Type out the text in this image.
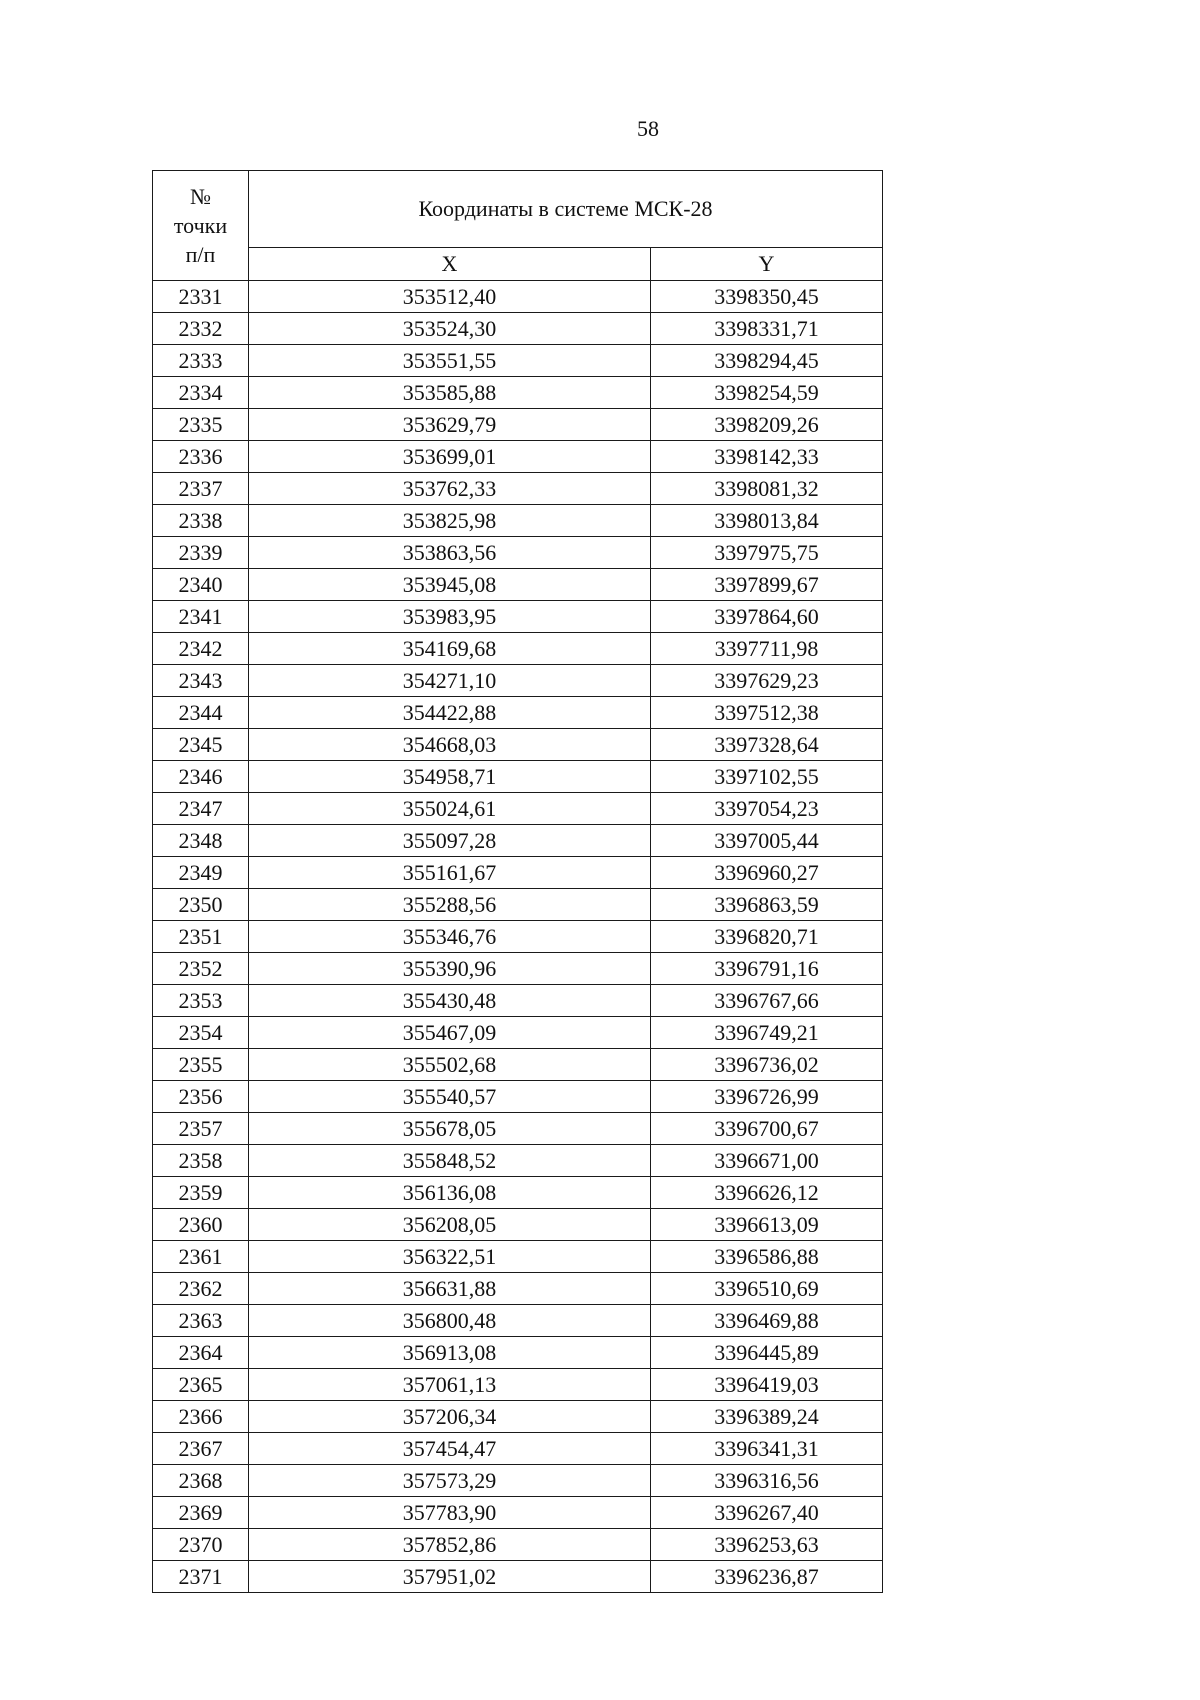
58
№
точки
п/п	Координаты в системе МСК-28	
	X	Y
2331	353512,40	3398350,45
2332	353524,30	3398331,71
2333	353551,55	3398294,45
2334	353585,88	3398254,59
2335	353629,79	3398209,26
2336	353699,01	3398142,33
2337	353762,33	3398081,32
2338	353825,98	3398013,84
2339	353863,56	3397975,75
2340	353945,08	3397899,67
2341	353983,95	3397864,60
2342	354169,68	3397711,98
2343	354271,10	3397629,23
2344	354422,88	3397512,38
2345	354668,03	3397328,64
2346	354958,71	3397102,55
2347	355024,61	3397054,23
2348	355097,28	3397005,44
2349	355161,67	3396960,27
2350	355288,56	3396863,59
2351	355346,76	3396820,71
2352	355390,96	3396791,16
2353	355430,48	3396767,66
2354	355467,09	3396749,21
2355	355502,68	3396736,02
2356	355540,57	3396726,99
2357	355678,05	3396700,67
2358	355848,52	3396671,00
2359	356136,08	3396626,12
2360	356208,05	3396613,09
2361	356322,51	3396586,88
2362	356631,88	3396510,69
2363	356800,48	3396469,88
2364	356913,08	3396445,89
2365	357061,13	3396419,03
2366	357206,34	3396389,24
2367	357454,47	3396341,31
2368	357573,29	3396316,56
2369	357783,90	3396267,40
2370	357852,86	3396253,63
2371	357951,02	3396236,87
